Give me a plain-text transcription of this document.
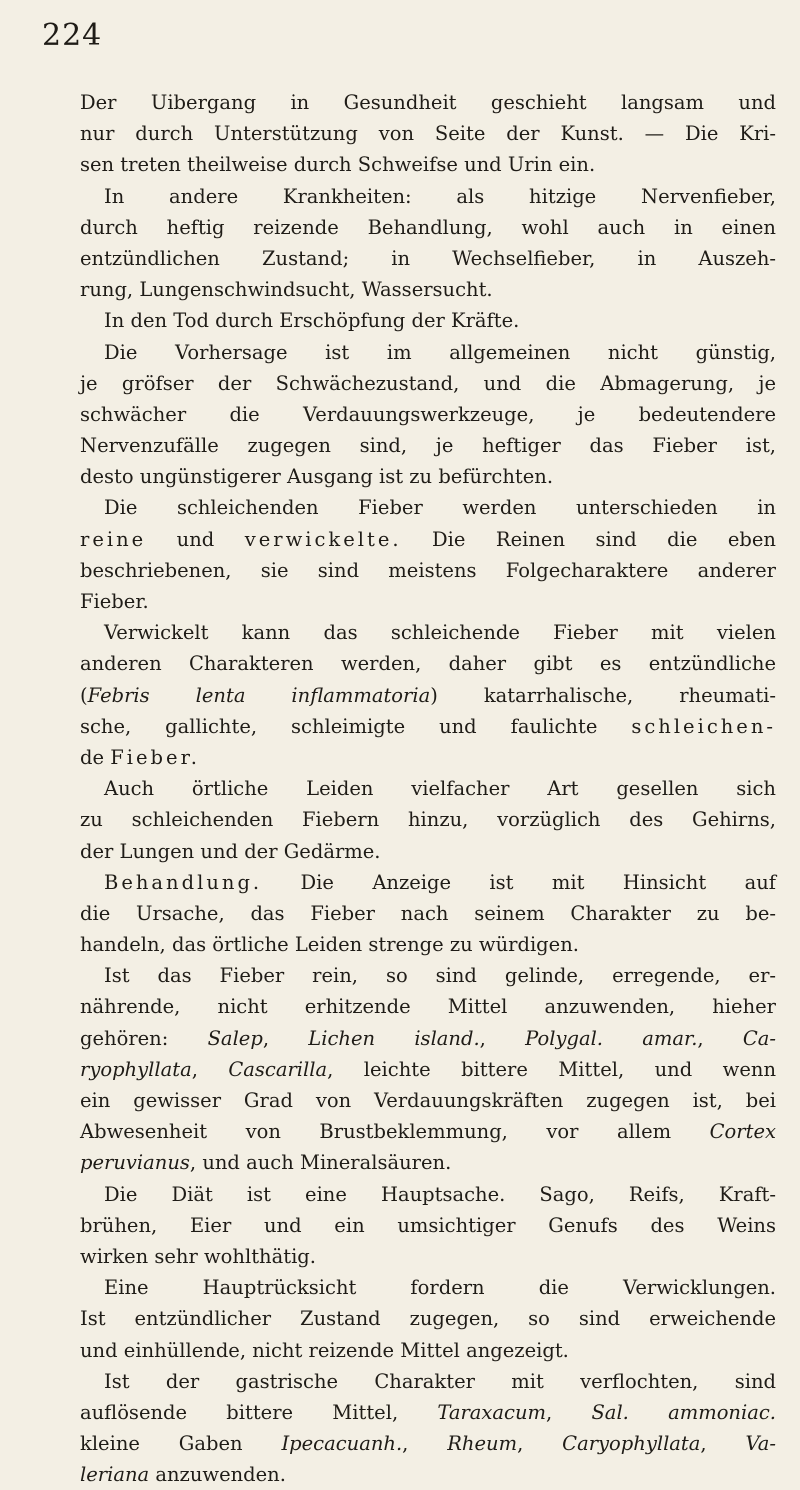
224
Der Uibergang in Gesundheit geschieht langsam und
nur durch Unterstützung von Seite der Kunst. — Die Kri-
sen treten theilweise durch Schweifse und Urin ein.
In andere Krankheiten: als hitzige Nervenfieber,
durch heftig reizende Behandlung, wohl auch in einen
entzündlichen Zustand; in Wechselfieber, in Auszeh-
rung, Lungenschwindsucht, Wassersucht.
In den Tod durch Erschöpfung der Kräfte.
Die Vorhersage ist im allgemeinen nicht günstig,
je gröfser der Schwächezustand, und die Abmagerung, je
schwächer die Verdauungswerkzeuge, je bedeutendere
Nervenzufälle zugegen sind, je heftiger das Fieber ist,
desto ungünstigerer Ausgang ist zu befürchten.
Die schleichenden Fieber werden unterschieden in
reine und verwickelte. Die Reinen sind die eben
beschriebenen, sie sind meistens Folgecharaktere anderer
Fieber.
Verwickelt kann das schleichende Fieber mit vielen
anderen Charakteren werden, daher gibt es entzündliche
(Febris lenta inflammatoria) katarrhalische, rheumati-
sche, gallichte, schleimigte und faulichte schleichen-
de Fieber.
Auch örtliche Leiden vielfacher Art gesellen sich
zu schleichenden Fiebern hinzu, vorzüglich des Gehirns,
der Lungen und der Gedärme.
Behandlung. Die Anzeige ist mit Hinsicht auf
die Ursache, das Fieber nach seinem Charakter zu be-
handeln, das örtliche Leiden strenge zu würdigen.
Ist das Fieber rein, so sind gelinde, erregende, er-
nährende, nicht erhitzende Mittel anzuwenden, hieher
gehören: Salep, Lichen island., Polygal. amar., Ca-
ryophyllata, Cascarilla, leichte bittere Mittel, und wenn
ein gewisser Grad von Verdauungskräften zugegen ist, bei
Abwesenheit von Brustbeklemmung, vor allem Cortex
peruvianus, und auch Mineralsäuren.
Die Diät ist eine Hauptsache. Sago, Reifs, Kraft-
brühen, Eier und ein umsichtiger Genufs des Weins
wirken sehr wohlthätig.
Eine Hauptrücksicht fordern die Verwicklungen.
Ist entzündlicher Zustand zugegen, so sind erweichende
und einhüllende, nicht reizende Mittel angezeigt.
Ist der gastrische Charakter mit verflochten, sind
auflösende bittere Mittel, Taraxacum, Sal. ammoniac.
kleine Gaben Ipecacuanh., Rheum, Caryophyllata, Va-
leriana anzuwenden.
